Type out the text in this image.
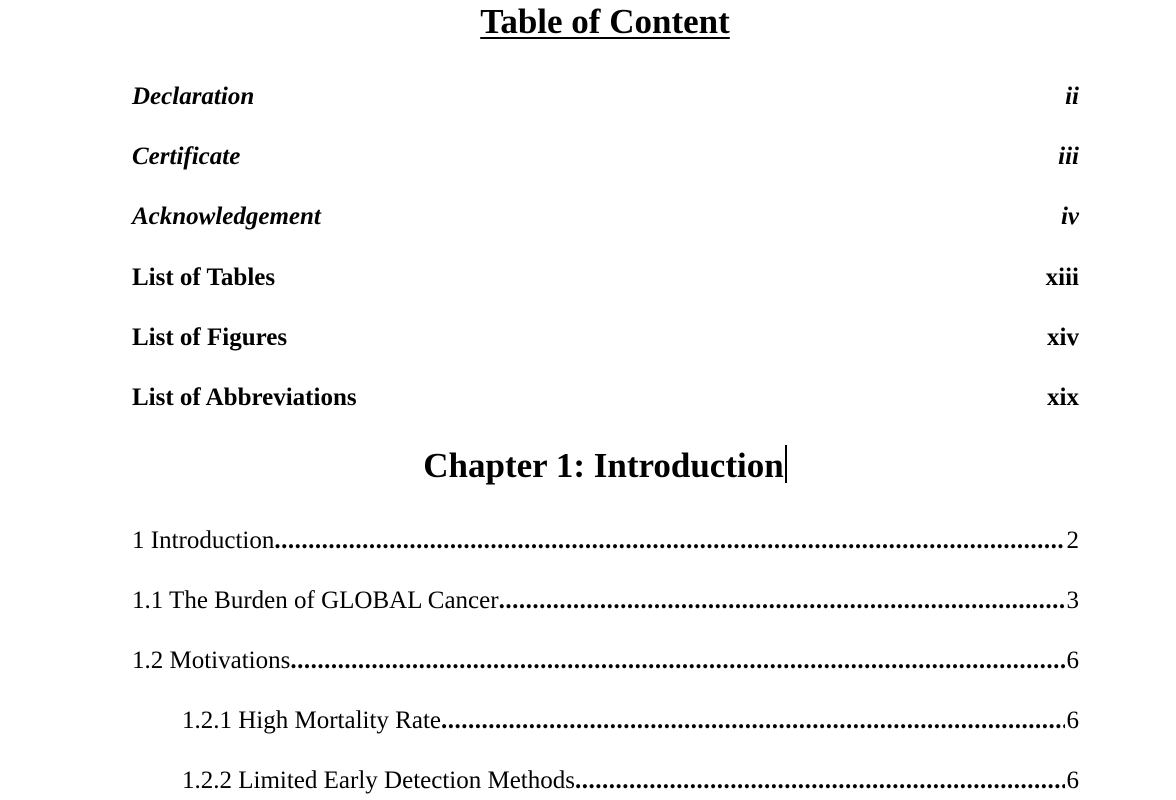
Table of Content
Declaration	ii
Certificate	iii
Acknowledgement	iv
List of Tables	xiii
List of Figures	xiv
List of Abbreviations	xix
Chapter 1: Introduction
1 Introduction .....	2
1.1 The Burden of GLOBAL Cancer .....	3
1.2 Motivations .....	6
1.2.1 High Mortality Rate .....	6
1.2.2 Limited Early Detection Methods .....	6
